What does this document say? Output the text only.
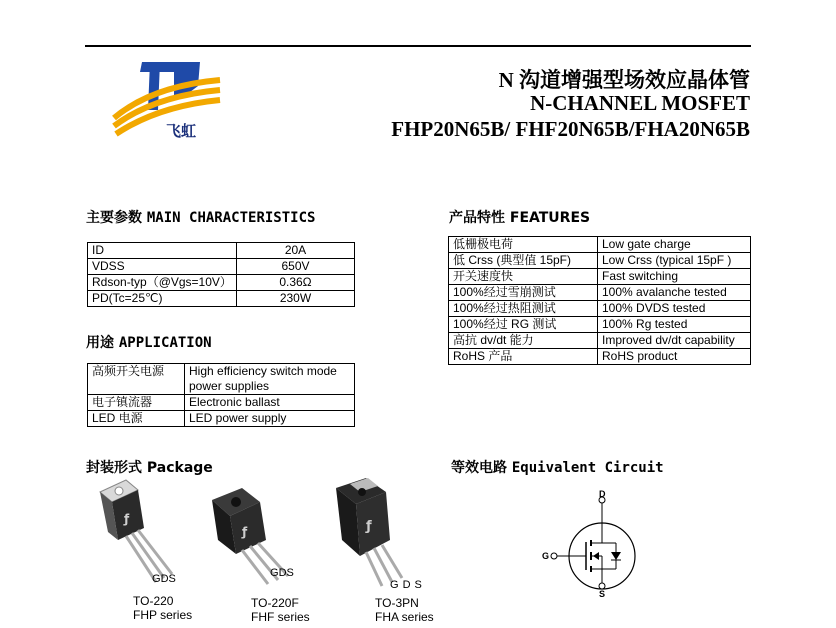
飞虹
N 沟道增强型场效应晶体管
N-CHANNEL MOSFET
FHP20N65B/ FHF20N65B/FHA20N65B
主要参数 MAIN CHARACTERISTICS
ID	20A
VDSS	650V
Rdson-typ（@Vgs=10V）	0.36Ω
PD(Tc=25℃)	230W
产品特性 FEATURES
低栅极电荷	Low gate charge
低 Crss (典型值 15pF)	Low Crss (typical 15pF )
开关速度快	Fast switching
100%经过雪崩测试	100% avalanche tested
100%经过热阻测试	100% DVDS tested
100%经过 RG 测试	100% Rg tested
高抗 dv/dt 能力	Improved dv/dt capability
RoHS 产品	RoHS product
用途 APPLICATION
高频开关电源	High efficiency switch mode
power supplies

电子镇流器	Electronic ballast
LED 电源	LED power supply
封装形式 Package
ƒ
GDS
TO-220
FHP series
ƒ
GDS
TO-220F
FHF series
ƒ
GDS
TO-3PN
FHA series
等效电路 Equivalent Circuit
D
G
S
